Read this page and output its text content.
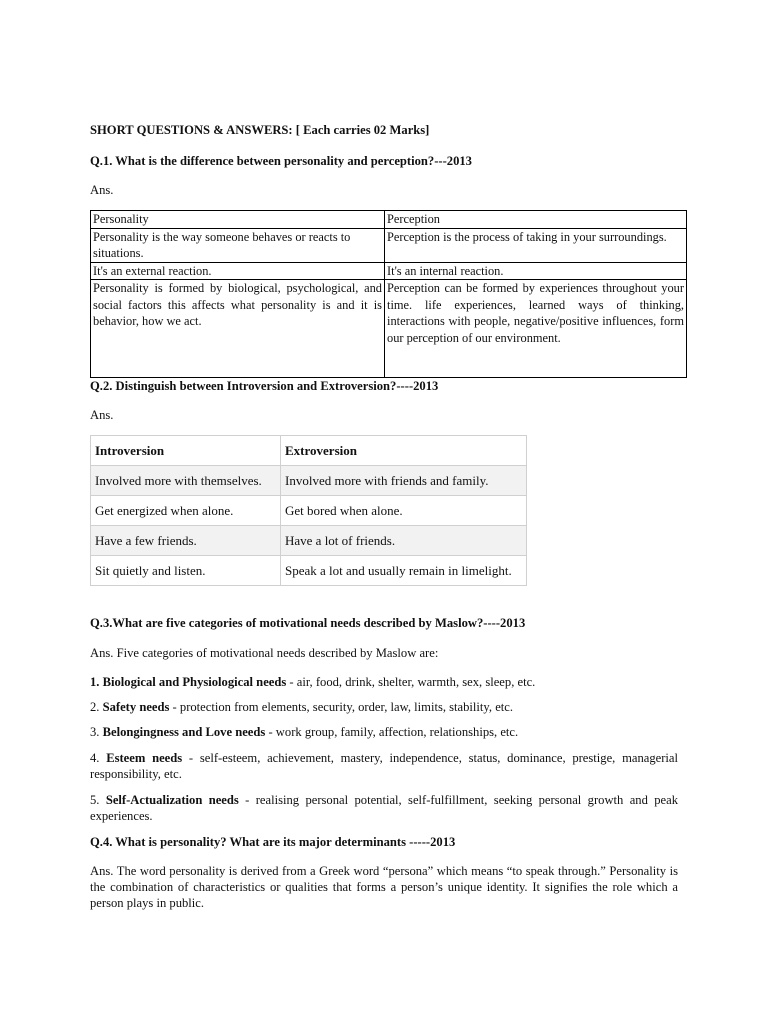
SHORT QUESTIONS & ANSWERS: [ Each carries 02 Marks]
Q.1. What is the difference between personality and perception?---2013
Ans.
Personality	Perception
Personality is the way someone behaves or reacts to situations.	Perception is the process of taking in your surroundings.
It's an external reaction.	It's an internal reaction.
Personality is formed by biological, psychological, and social factors this affects what personality is and it is behavior, how we act.	Perception can be formed by experiences throughout your time. life experiences, learned ways of thinking, interactions with people, negative/positive influences, form our perception of our environment.
Q.2. Distinguish between Introversion and Extroversion?----2013
Ans.
Introversion	Extroversion
Involved more with themselves.	Involved more with friends and family.
Get energized when alone.	Get bored when alone.
Have a few friends.	Have a lot of friends.
Sit quietly and listen.	Speak a lot and usually remain in limelight.
Q.3.What are five categories of motivational needs described by Maslow?----2013
Ans. Five categories of motivational needs described by Maslow are:
1. Biological and Physiological needs - air, food, drink, shelter, warmth, sex, sleep, etc.
2. Safety needs - protection from elements, security, order, law, limits, stability, etc.
3. Belongingness and Love needs - work group, family, affection, relationships, etc.
4. Esteem needs - self-esteem, achievement, mastery, independence, status, dominance, prestige, managerial responsibility, etc.
5. Self-Actualization needs - realising personal potential, self-fulfillment, seeking personal growth and peak experiences.
Q.4. What is personality? What are its major determinants -----2013
Ans. The word personality is derived from a Greek word “persona” which means “to speak through.” Personality is the combination of characteristics or qualities that forms a person’s unique identity. It signifies the role which a person plays in public.
